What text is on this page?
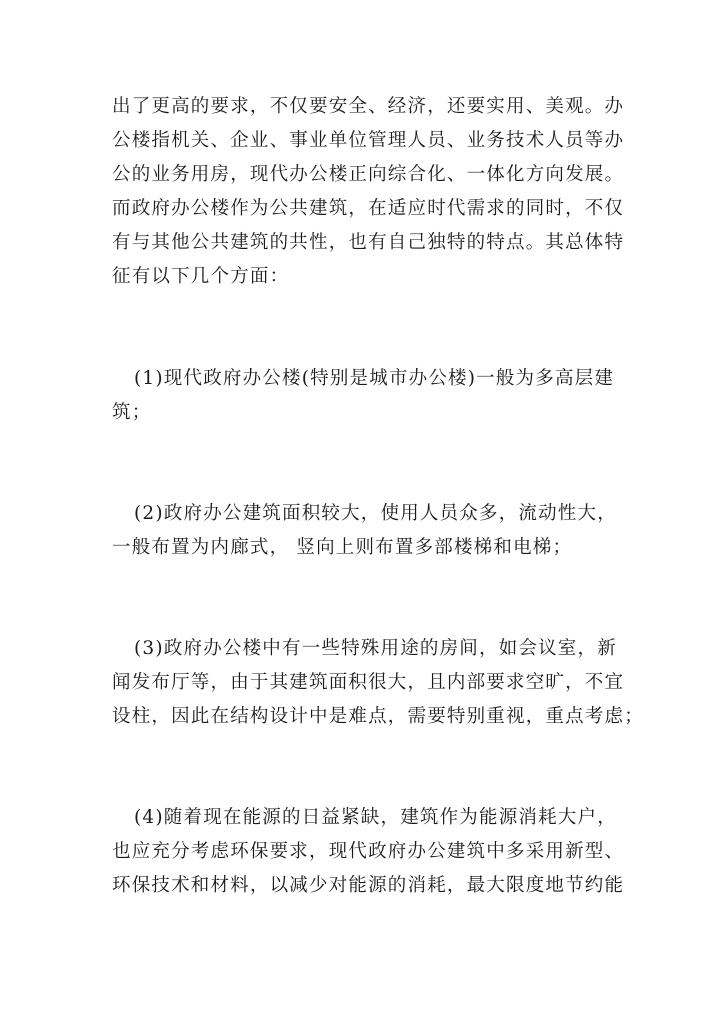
出了更高的要求，不仅要安全、经济，还要实用、美观。办

公楼指机关、企业、事业单位管理人员、业务技术人员等办

公的业务用房，现代办公楼正向综合化、一体化方向发展。

而政府办公楼作为公共建筑，在适应时代需求的同时，不仅

有与其他公共建筑的共性，也有自己独特的特点。其总体特

征有以下几个方面：

(1)现代政府办公楼(特别是城市办公楼)一般为多高层建

筑；

(2)政府办公建筑面积较大，使用人员众多，流动性大，

一般布置为内廊式， 竖向上则布置多部楼梯和电梯；

(3)政府办公楼中有一些特殊用途的房间，如会议室，新

闻发布厅等，由于其建筑面积很大，且内部要求空旷，不宜

设柱，因此在结构设计中是难点，需要特别重视，重点考虑；

(4)随着现在能源的日益紧缺，建筑作为能源消耗大户，

也应充分考虑环保要求，现代政府办公建筑中多采用新型、

环保技术和材料，以减少对能源的消耗，最大限度地节约能
